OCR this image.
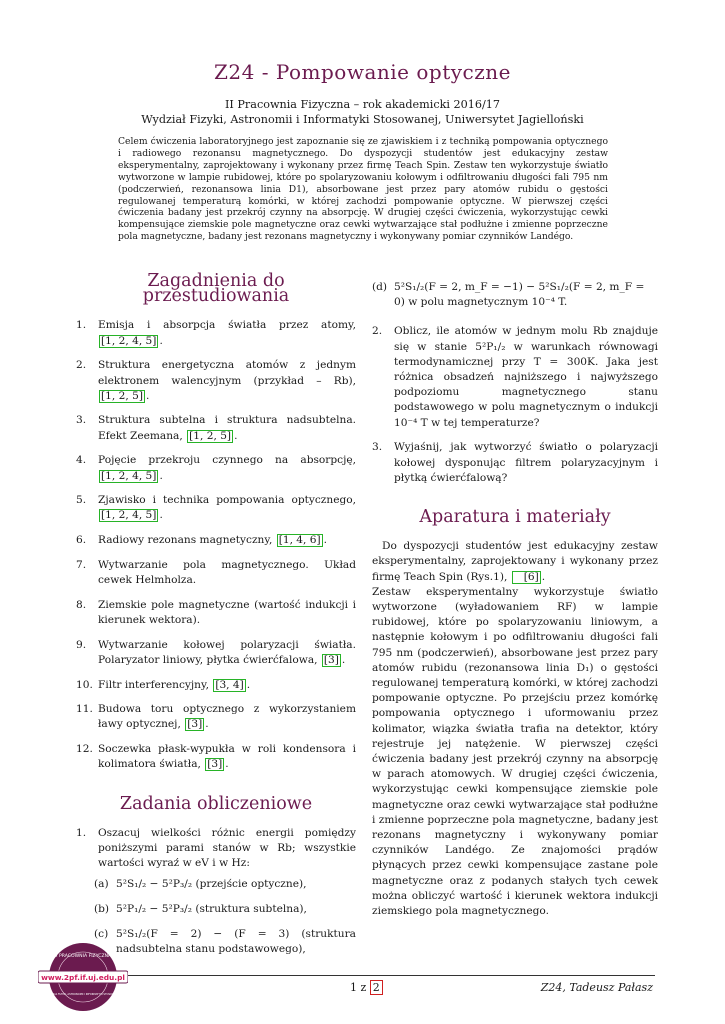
Z24 - Pompowanie optyczne
II Pracownia Fizyczna – rok akademicki 2016/17
Wydział Fizyki, Astronomii i Informatyki Stosowanej, Uniwersytet Jagielloński
Celem ćwiczenia laboratoryjnego jest zapoznanie się ze zjawiskiem i z techniką pompowania optycznego i radiowego rezonansu magnetycznego. Do dyspozycji studentów jest edukacyjny zestaw eksperymentalny, zaprojektowany i wykonany przez firmę Teach Spin. Zestaw ten wykorzystuje światło wytworzone w lampie rubidowej, które po spolaryzowaniu kołowym i odfiltrowaniu długości fali 795 nm (podczerwień, rezonansowa linia D1), absorbowane jest przez pary atomów rubidu o gęstości regulowanej temperaturą komórki, w której zachodzi pompowanie optyczne. W pierwszej części ćwiczenia badany jest przekrój czynny na absorpcję. W drugiej części ćwiczenia, wykorzystując cewki kompensujące ziemskie pole magnetyczne oraz cewki wytwarzające stał podłużne i zmienne poprzeczne pola magnetyczne, badany jest rezonans magnetyczny i wykonywany pomiar czynników Landégo.
Zagadnienia do przestudiowania
1. Emisja i absorpcja światła przez atomy, [1, 2, 4, 5] .
2. Struktura energetyczna atomów z jednym elektronem walencyjnym (przykład – Rb), [1, 2, 5] .
3. Struktura subtelna i struktura nadsubtelna. Efekt Zeemana, [1, 2, 5] .
4. Pojęcie przekroju czynnego na absorpcję, [1, 2, 4, 5] .
5. Zjawisko i technika pompowania optycznego, [1, 2, 4, 5] .
6. Radiowy rezonans magnetyczny, [1, 4, 6] .
7. Wytwarzanie pola magnetycznego. Układ cewek Helmholza.
8. Ziemskie pole magnetyczne (wartość indukcji i kierunek wektora).
9. Wytwarzanie kołowej polaryzacji światła. Polaryzator liniowy, płytka ćwierćfalowa, [3] .
10. Filtr interferencyjny, [3, 4] .
11. Budowa toru optycznego z wykorzystaniem ławy optycznej, [3] .
12. Soczewka płask-wypukła w roli kondensora i kolimatora światła, [3] .
Zadania obliczeniowe
1. Oszacuj wielkości różnic energii pomiędzy poniższymi parami stanów w Rb; wszystkie wartości wyraź w eV i w Hz:
(a) 5²S₁/₂ − 5²P₃/₂ (przejście optyczne),
(b) 5²P₁/₂ − 5²P₃/₂ (struktura subtelna),
(c) 5²S₁/₂(F = 2) − (F = 3) (struktura nadsubtelna stanu podstawowego),
(d) 5²S₁/₂(F = 2, m_F = −1) − 5²S₁/₂(F = 2, m_F = 0) w polu magnetycznym 10⁻⁴ T.
2. Oblicz, ile atomów w jednym molu Rb znajduje się w stanie 5²P₁/₂ w warunkach równowagi termodynamicznej przy T = 300K. Jaka jest różnica obsadzeń najniższego i najwyższego podpoziomu magnetycznego stanu podstawowego w polu magnetycznym o indukcji 10⁻⁴ T w tej temperaturze?
3. Wyjaśnij, jak wytworzyć światło o polaryzacji kołowej dysponując filtrem polaryzacyjnym i płytką ćwierćfalową?
Aparatura i materiały

Do dyspozycji studentów jest edukacyjny zestaw eksperymentalny, zaprojektowany i wykonany przez firmę Teach Spin (Rys.1), [6] .

Zestaw eksperymentalny wykorzystuje światło wytworzone (wyładowaniem RF) w lampie rubidowej, które po spolaryzowaniu liniowym, a następnie kołowym i po odfiltrowaniu długości fali 795 nm (podczerwień), absorbowane jest przez pary atomów rubidu (rezonansowa linia D₁) o gęstości regulowanej temperaturą komórki, w której zachodzi pompowanie optyczne. Po przejściu przez komórkę pompowania optycznego i uformowaniu przez kolimator, wiązka światła trafia na detektor, który rejestruje jej natężenie. W pierwszej części ćwiczenia badany jest przekrój czynny na absorpcję w parach atomowych. W drugiej części ćwiczenia, wykorzystując cewki kompensujące ziemskie pole magnetyczne oraz cewki wytwarzające stał podłużne i zmienne poprzeczne pola magnetyczne, badany jest rezonans magnetyczny i wykonywany pomiar czynników Landégo. Ze znajomości prądów płynących przez cewki kompensujące zastane pole magnetyczne oraz z podanych stałych tych cewek można obliczyć wartość i kierunek wektora indukcji ziemskiego pola magnetycznego.

1 z 2	Z24, Tadeusz Pałasz
II PRACOWNIA FIZYCZNA
www.2pf.if.uj.edu.pl
WYDZIAŁ FIZYKI, ASTRONOMII I INFORMATYKI STOSOWANEJ
